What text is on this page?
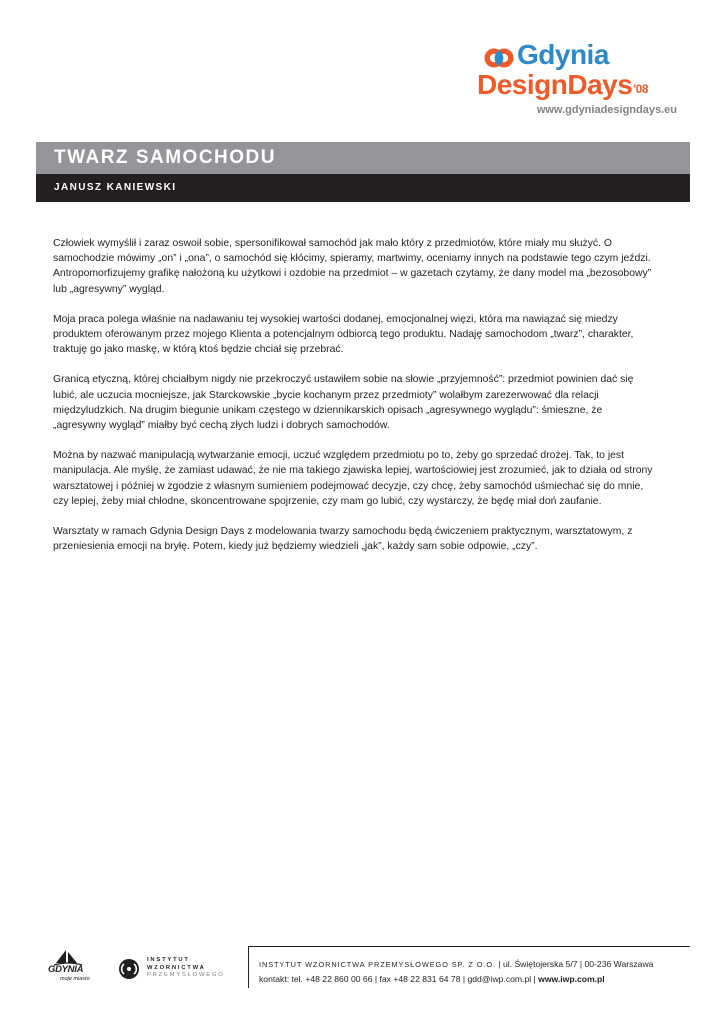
Gdynia
DesignDays$^{'08}$
www.gdyniadesigndays.eu
TWARZ SAMOCHODU
JANUSZ KANIEWSKI

Człowiek wymyślił i zaraz oswoił sobie, spersonifikował samochód jak mało który z przedmiotów, które miały mu służyć. O samochodzie mówimy „on” i „ona”, o samochód się kłócimy, spieramy, martwimy, oceniamy innych na podstawie tego czym jeździ. Antropomorfizujemy grafikę nałożoną ku użytkowi i ozdobie na przedmiot – w gazetach czytamy, że dany model ma „bezosobowy” lub „agresywny” wygląd.

Moja praca polega właśnie na nadawaniu tej wysokiej wartości dodanej, emocjonalnej więzi, która ma nawiązać się miedzy produktem oferowanym przez mojego Klienta a potencjalnym odbiorcą tego produktu. Nadaję samochodom „twarz”, charakter, traktuję go jako maskę, w którą ktoś będzie chciał się przebrać.

Granicą etyczną, której chciałbym nigdy nie przekroczyć ustawiłem sobie na słowie „przyjemność”: przedmiot powinien dać się lubić, ale uczucia mocniejsze, jak Starckowskie „bycie kochanym przez przedmioty” wolałbym zarezerwować dla relacji międzyludzkich. Na drugim biegunie unikam częstego w dziennikarskich opisach „agresywnego wyglądu”: śmieszne, że „agresywny wygląd” miałby być cechą złych ludzi i dobrych samochodów.

Można by nazwać manipulacją wytwarzanie emocji, uczuć względem przedmiotu po to, żeby go sprzedać drożej. Tak, to jest manipulacja. Ale myślę, że zamiast udawać, że nie ma takiego zjawiska lepiej, wartościowiej jest zrozumieć, jak to działa od strony warsztatowej i później w zgodzie z własnym sumieniem podejmować decyzje, czy chcę, żeby samochód uśmiechać się do mnie, czy lepiej, żeby miał chłodne, skoncentrowane spojrzenie, czy mam go lubić, czy wystarczy, że będę miał doń zaufanie.

Warsztaty w ramach Gdynia Design Days z modelowania twarzy samochodu będą ćwiczeniem praktycznym, warsztatowym, z przeniesienia emocji na bryłę. Potem, kiedy już będziemy wiedzieli „jak”, każdy sam sobie odpowie, „czy”.

GDYNIA
moje miasto
INSTYTUT
WZORNICTWA
PRZEMYSŁOWEGO
INSTYTUT WZORNICTWA PRZEMYSŁOWEGO SP. Z O.O. | ul. Świętojerska 5/7 | 00-236 Warszawa
kontakt: tel. +48 22 860 00 66 | fax +48 22 831 64 78 | gdd@iwp.com.pl | www.iwp.com.pl
